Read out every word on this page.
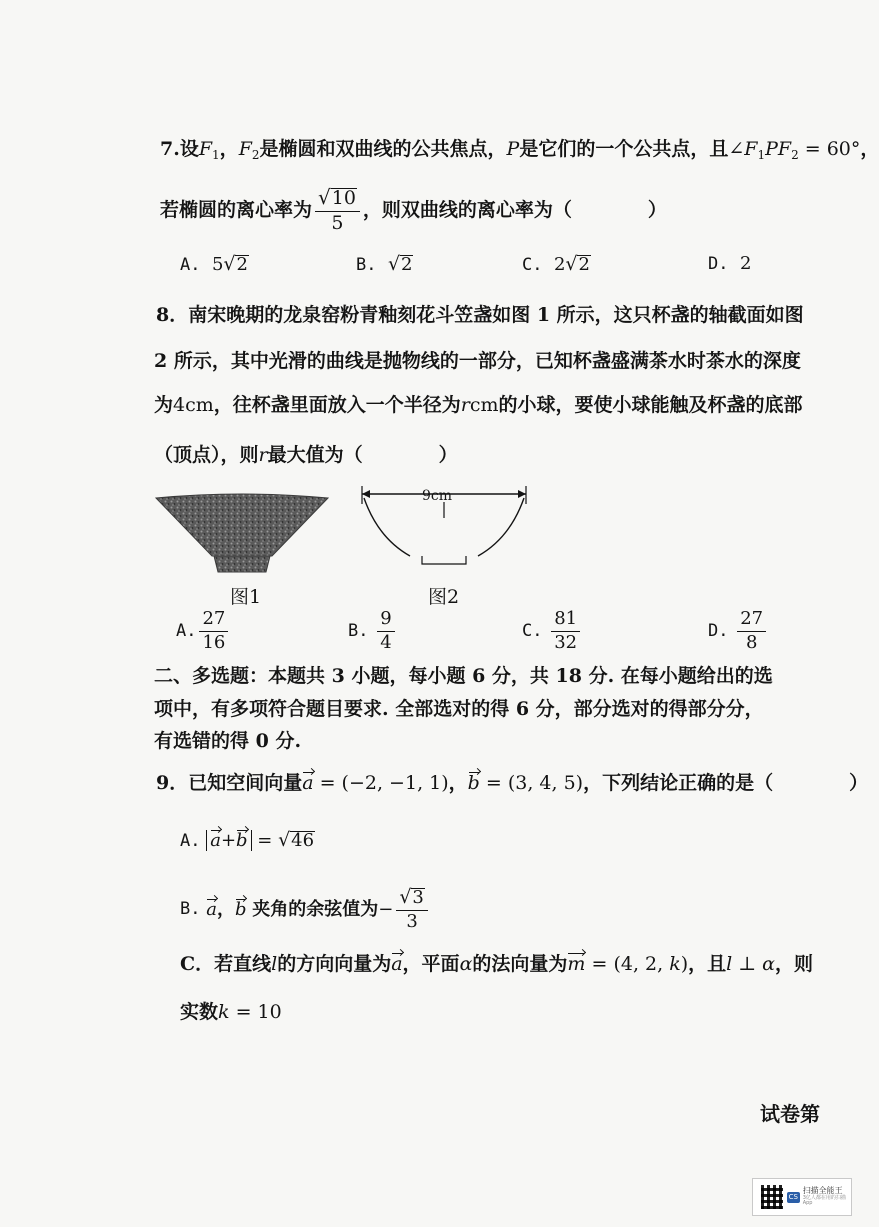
7.设$F_1$，$F_2$是椭圆和双曲线的公共焦点，P是它们的一个公共点，且$\angle F_1PF_2 = 60^\circ$，
若椭圆的离心率为 $\frac{√ 10}{5}$ ，则双曲线的离心率为（　　　　）
A. 5 √ 2	B. √ 2	C. 2 √ 2	D. 2
8．南宋晚期的龙泉窑粉青釉刻花斗笠盏如图 1 所示，这只杯盏的轴截面如图
2 所示，其中光滑的曲线是抛物线的一部分，已知杯盏盛满茶水时茶水的深度
为4cm，往杯盏里面放入一个半径为rcm的小球，要使小球能触及杯盏的底部
（顶点），则r最大值为（　　　　）
图1
9cm
图2
A. $\frac{27}{16}$	B.
$\frac{9}{4}$	C.
$\frac{81}{32}$	D.
$\frac{27}{8}$
二、多选题：本题共 3 小题，每小题 6 分，共 18 分. 在每小题给出的选
项中，有多项符合题目要求. 全部选对的得 6 分，部分选对的得部分分，
有选错的得 0 分.
9．已知空间向量a = (−2, −1, 1)，b = (3, 4, 5)，下列结论正确的是（　　　　）
A. a+b = √ 46
B.
a ， b
夹角的余弦值为 − $\frac{√ 3}{3}$
C．若直线l的方向向量为a，平面α的法向量为m = (4, 2, k)，且l ⊥ α，则
实数k = 10
试卷第
CS
扫描全能王
3亿人都在用的扫描App
